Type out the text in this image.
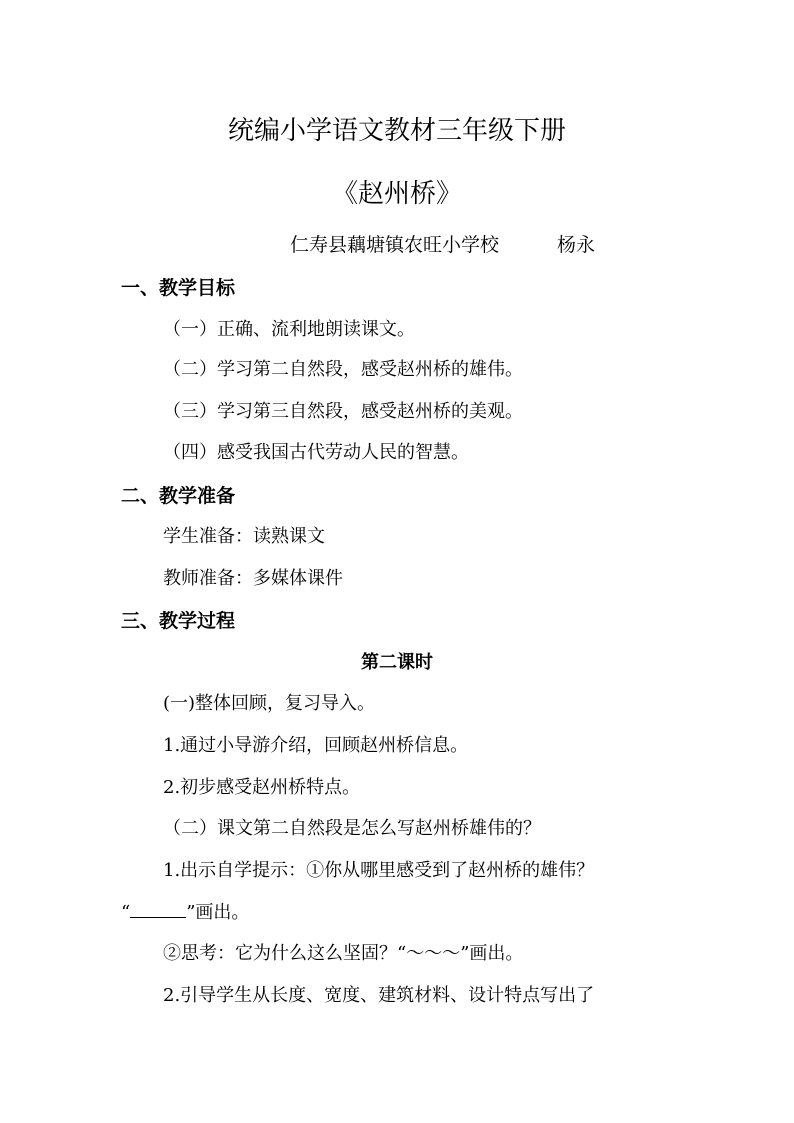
统编小学语文教材三年级下册
《赵州桥》
仁寿县藕塘镇农旺小学校	杨永
一、教学目标
（一）正确、流利地朗读课文。
（二）学习第二自然段，感受赵州桥的雄伟。
（三）学习第三自然段，感受赵州桥的美观。
（四）感受我国古代劳动人民的智慧。
二、教学准备
学生准备：读熟课文
教师准备：多媒体课件
三、教学过程
第二课时
(一)整体回顾，复习导入。
1.通过小导游介绍，回顾赵州桥信息。
2.初步感受赵州桥特点。
（二）课文第二自然段是怎么写赵州桥雄伟的？
1.出示自学提示：①你从哪里感受到了赵州桥的雄伟？
“	”画出。
②思考：它为什么这么坚固？“～～～”画出。
2.引导学生从长度、宽度、建筑材料、设计特点写出了
